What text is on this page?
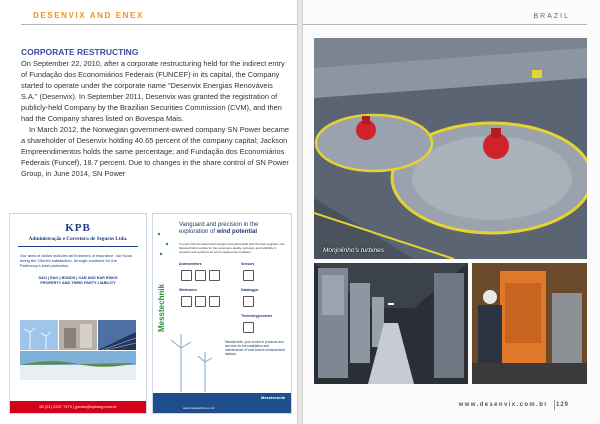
DESENVIX AND ENEX
CORPORATE RESTRUCTING

On September 22, 2010, after a corporate restructuring held for the indirect entry of Fundação dos Economiários Federais (FUNCEF) in its capital, the Company started to operate under the corporate name “Desenvix Energias Renováveis S.A.” (Desenvix). In September 2011, Desenvix was granted the registration of publicly-held Company by the Brazilian Securities Commission (CVM), and then had the Company shares listed on Bovespa Mais.

In March 2012, the Norwegian government-owned company SN Power became a shareholder of Desenvix holding 40.65 percent of the company capital; Jackson Empreendimentos holds the same percentage; and Fundação dos Economiários Federais (Funcef), 18.7 percent. Due to changes in the share control of SN Power Group, in June 2014, SN Power

KPB
Administração e Corretora de Seguros Ltda.
Our area of action includes all branches of insurance, our focus being the Client's satisfaction, through solutions for the Patrimony's best protection.
D&O | E&O | BONDS | CAR AND EAR RISKS
PROPERTY AND THIRD PARTY LIABILITY
55 (21) 2237 7479 | jpedro@kpbseg.com.br
Messtechnik
Vanguard and precision in the
exploration of wind potential
In touch with the latest technologies and partnership with the best suppliers, the Messtechnik provides for the customers quality, accuracy and reliability in products and solutions for wind measurement industry.
Anemometers	Sensors
Windvanes	Datalogger
Thermohygrometer
Messtechnik, your choice in products and services for the installation and maintenance of wind towers measurement stations.
Messtechnik
www.messtechnik.com.br
BRAZIL
Monjolinho’s turbines
www.desenvix.com.br 129
